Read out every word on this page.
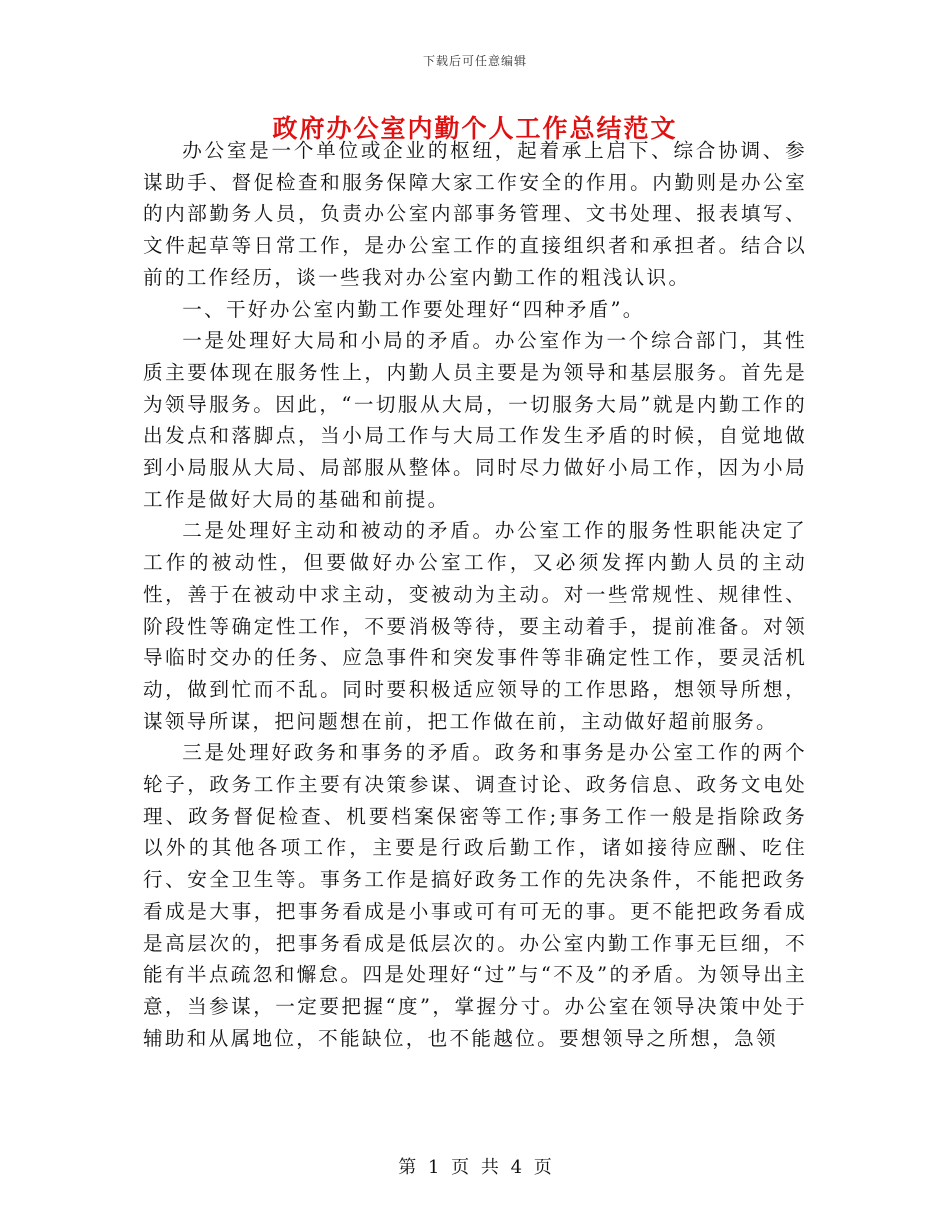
下载后可任意编辑
政府办公室内勤个人工作总结范文

办公室是一个单位或企业的枢纽，起着承上启下、综合协调、参谋助手、督促检查和服务保障大家工作安全的作用。内勤则是办公室的内部勤务人员，负责办公室内部事务管理、文书处理、报表填写、文件起草等日常工作，是办公室工作的直接组织者和承担者。结合以前的工作经历，谈一些我对办公室内勤工作的粗浅认识。

一、干好办公室内勤工作要处理好“四种矛盾”。

一是处理好大局和小局的矛盾。办公室作为一个综合部门，其性质主要体现在服务性上，内勤人员主要是为领导和基层服务。首先是为领导服务。因此，“一切服从大局，一切服务大局”就是内勤工作的出发点和落脚点，当小局工作与大局工作发生矛盾的时候，自觉地做到小局服从大局、局部服从整体。同时尽力做好小局工作，因为小局工作是做好大局的基础和前提。

二是处理好主动和被动的矛盾。办公室工作的服务性职能决定了工作的被动性，但要做好办公室工作，又必须发挥内勤人员的主动性，善于在被动中求主动，变被动为主动。对一些常规性、规律性、阶段性等确定性工作，不要消极等待，要主动着手，提前准备。对领导临时交办的任务、应急事件和突发事件等非确定性工作，要灵活机动，做到忙而不乱。同时要积极适应领导的工作思路，想领导所想，谋领导所谋，把问题想在前，把工作做在前，主动做好超前服务。

三是处理好政务和事务的矛盾。政务和事务是办公室工作的两个轮子，政务工作主要有决策参谋、调查讨论、政务信息、政务文电处理、政务督促检查、机要档案保密等工作;事务工作一般是指除政务以外的其他各项工作，主要是行政后勤工作，诸如接待应酬、吃住行、安全卫生等。事务工作是搞好政务工作的先决条件，不能把政务看成是大事，把事务看成是小事或可有可无的事。更不能把政务看成是高层次的，把事务看成是低层次的。办公室内勤工作事无巨细，不能有半点疏忽和懈怠。四是处理好“过”与“不及”的矛盾。为领导出主意，当参谋，一定要把握“度”，掌握分寸。办公室在领导决策中处于辅助和从属地位，不能缺位，也不能越位。要想领导之所想，急领

第 1 页 共 4 页
